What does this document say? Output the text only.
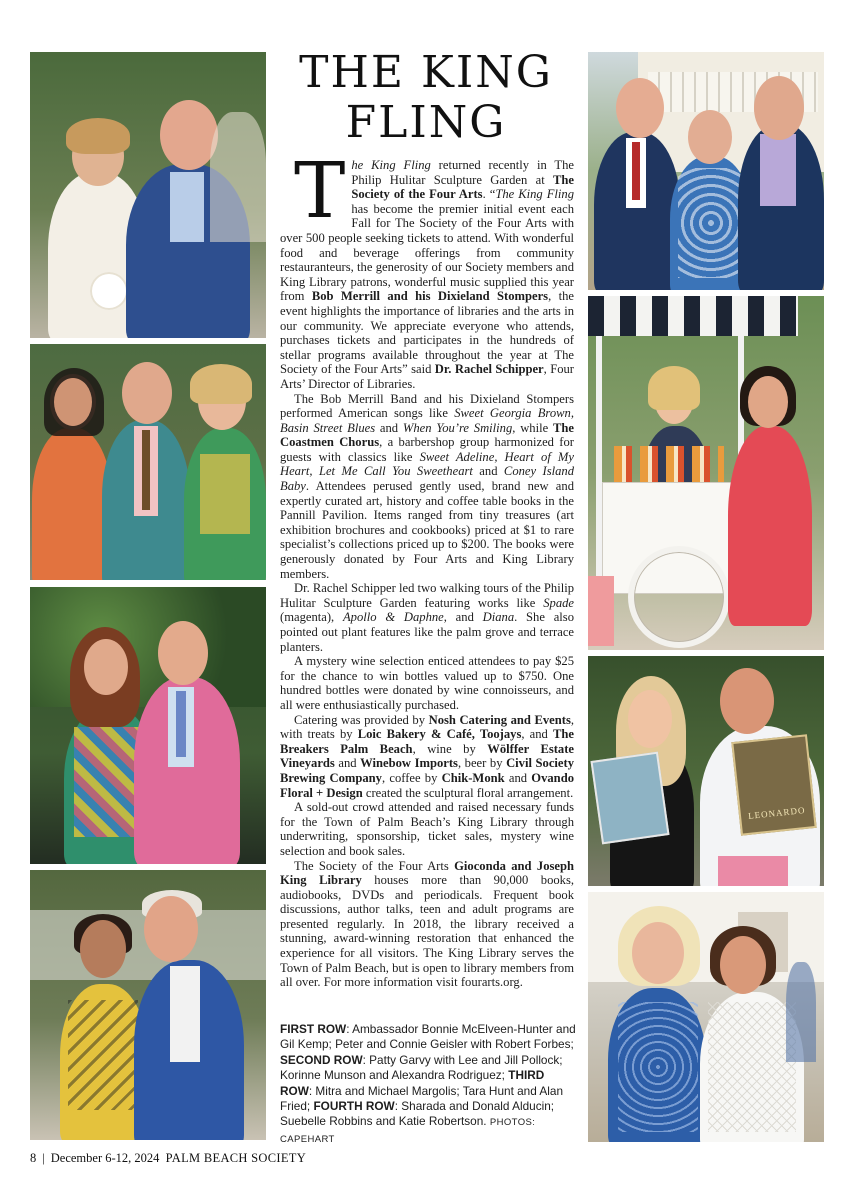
THE KING
FLING

The King Fling returned recently in The Philip Hulitar Sculpture Garden at The Society of the Four Arts. “The King Fling has become the premier initial event each Fall for The Society of the Four Arts with over 500 people seeking tickets to attend. With wonderful food and beverage offerings from community restauranteurs, the generosity of our Society members and King Library patrons, wonderful music supplied this year from Bob Merrill and his Dixieland Stompers, the event highlights the importance of libraries and the arts in our community. We appreciate everyone who attends, purchases tickets and participates in the hundreds of stellar programs available throughout the year at The Society of the Four Arts” said Dr. Rachel Schipper, Four Arts’ Director of Libraries.

The Bob Merrill Band and his Dixieland Stompers performed American songs like Sweet Georgia Brown, Basin Street Blues and When You’re Smiling, while The Coastmen Chorus, a barbershop group harmonized for guests with classics like Sweet Adeline, Heart of My Heart, Let Me Call You Sweetheart and Coney Island Baby. Attendees perused gently used, brand new and expertly curated art, history and coffee table books in the Pannill Pavilion. Items ranged from tiny treasures (art exhibition brochures and cookbooks) priced at $1 to rare specialist’s collections priced up to $200. The books were generously donated by Four Arts and King Library members.

Dr. Rachel Schipper led two walking tours of the Philip Hulitar Sculpture Garden featuring works like Spade (magenta), Apollo & Daphne, and Diana. She also pointed out plant features like the palm grove and terrace planters.

A mystery wine selection enticed attendees to pay $25 for the chance to win bottles valued up to $750. One hundred bottles were donated by wine connoisseurs, and all were enthusiastically purchased.

Catering was provided by Nosh Catering and Events, with treats by Loic Bakery & Café, Toojays, and The Breakers Palm Beach, wine by Wölffer Estate Vineyards and Winebow Imports, beer by Civil Society Brewing Company, coffee by Chik-Monk and Ovando Floral + Design created the sculptural floral arrangement.

A sold-out crowd attended and raised necessary funds for the Town of Palm Beach’s King Library through underwriting, sponsorship, ticket sales, mystery wine selection and book sales.

The Society of the Four Arts Gioconda and Joseph King Library houses more than 90,000 books, audiobooks, DVDs and periodicals. Frequent book discussions, author talks, teen and adult programs are presented regularly. In 2018, the library received a stunning, award-winning restoration that enhanced the experience for all visitors. The King Library serves the Town of Palm Beach, but is open to library members from all over. For more information visit fourarts.org.

FIRST ROW: Ambassador Bonnie McElveen-Hunter and Gil Kemp; Peter and Connie Geisler with Robert Forbes; SECOND ROW: Patty Garvy with Lee and Jill Pollock; Korinne Munson and Alexandra Rodriguez; THIRD ROW: Mitra and Michael Margolis; Tara Hunt and Alan Fried; FOURTH ROW: Sharada and Donald Alducin; Suebelle Robbins and Katie Robertson. PHOTOS: CAPEHART
LEONARDO
8 | December 6-12, 2024 PALM BEACH SOCIETY
